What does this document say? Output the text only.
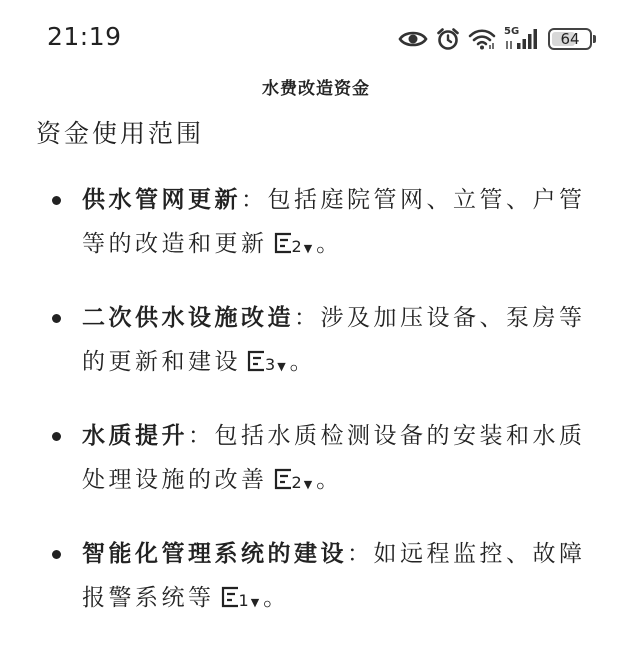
21:19	5G	64
水费改造资金
资金使用范围
供水管网更新：包括庭院管网、立管、户管等的改造和更新 2 ▼ 。
二次供水设施改造：涉及加压设备、泵房等的更新和建设 3 ▼ 。
水质提升：包括水质检测设备的安装和水质处理设施的改善 2 ▼ 。
智能化管理系统的建设：如远程监控、故障报警系统等 1 ▼ 。
